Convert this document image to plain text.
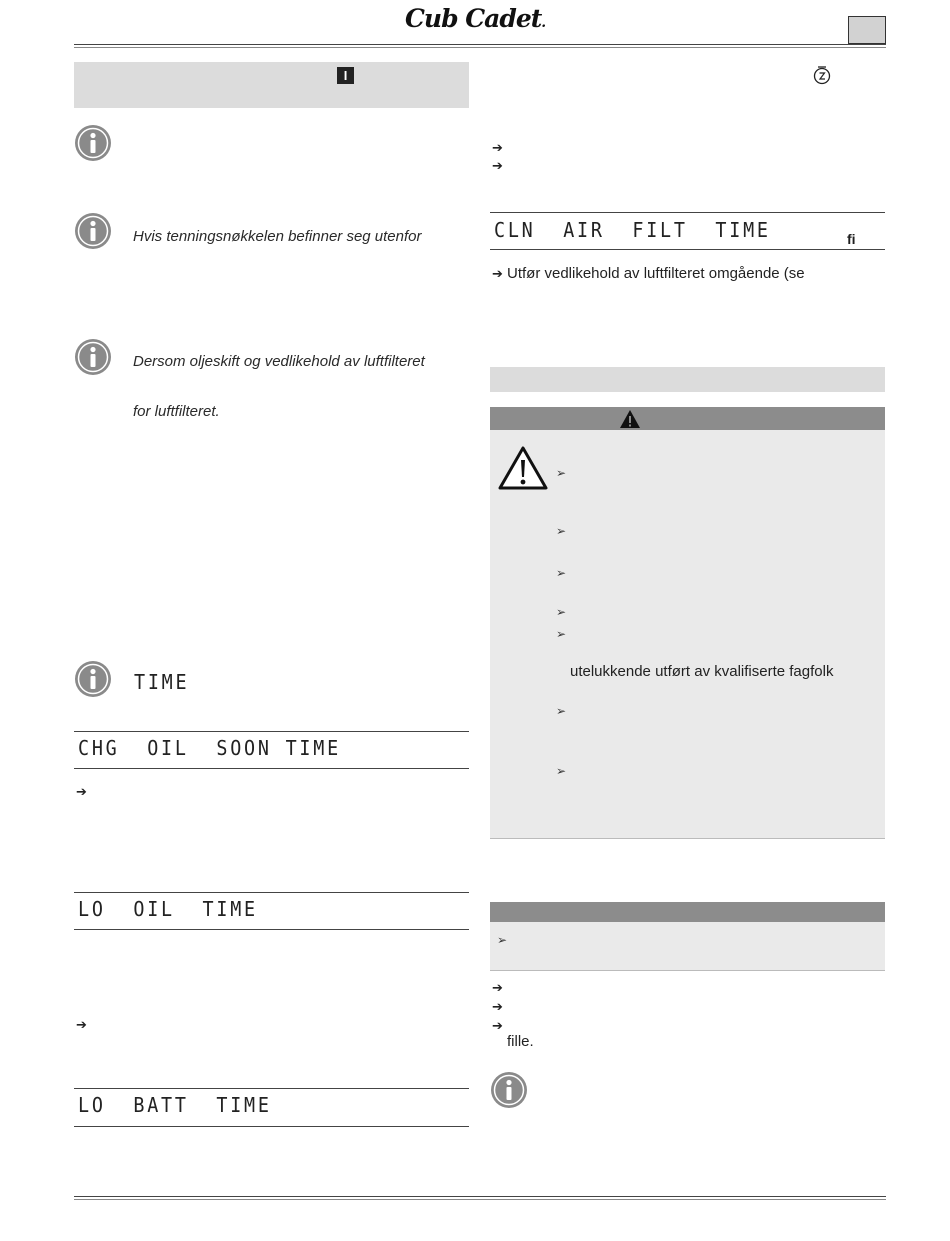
Cub Cadet.
I
Hvis tenningsnøkkelen befinner seg utenfor
Dersom oljeskift og vedlikehold av luftfilteret
for luftfilteret.
TIME
CHG  OIL  SOON TIME
➔
LO  OIL  TIME
➔
LO  BATT  TIME
➔
➔
CLN  AIR  FILT  TIME	fi
➔ Utfør vedlikehold av luftfilteret omgående (se
➢
➢
➢
➢
➢
utelukkende utført av kvalifiserte fagfolk
➢
➢
➢
➔
➔
➔
fille.
